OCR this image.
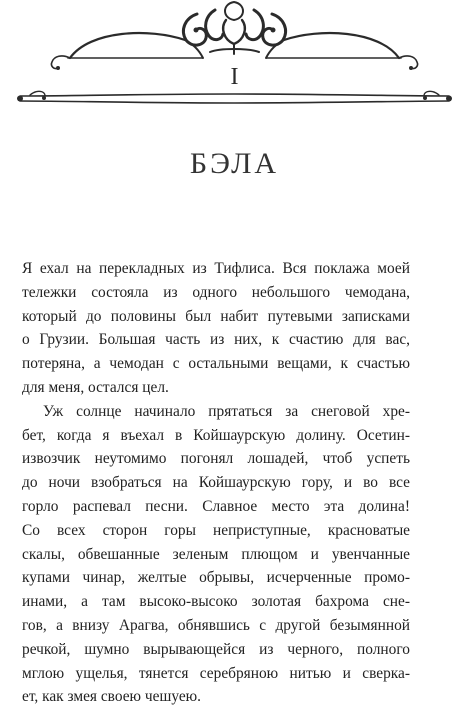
I
БЭЛА

Я ехал на перекладных из Тифлиса. Вся поклажа моей
тележки состояла из одного небольшого чемодана,
который до половины был набит путевыми записками
о Грузии. Большая часть из них, к счастию для вас,
потеряна, а чемодан с остальными вещами, к счастью
для меня, остался цел.

Уж солнце начинало прятаться за снеговой хре-
бет, когда я въехал в Койшаурскую долину. Осетин-
извозчик неутомимо погонял лошадей, чтоб успеть
до ночи взобраться на Койшаурскую гору, и во все
горло распевал песни. Славное место эта долина!
Со всех сторон горы неприступные, красноватые
скалы, обвешанные зеленым плющом и увенчанные
купами чинар, желтые обрывы, исчерченные промо-
инами, а там высоко-высоко золотая бахрома сне-
гов, а внизу Арагва, обнявшись с другой безымянной
речкой, шумно вырывающейся из черного, полного
мглою ущелья, тянется серебряною нитью и сверка-
ет, как змея своею чешуею.
